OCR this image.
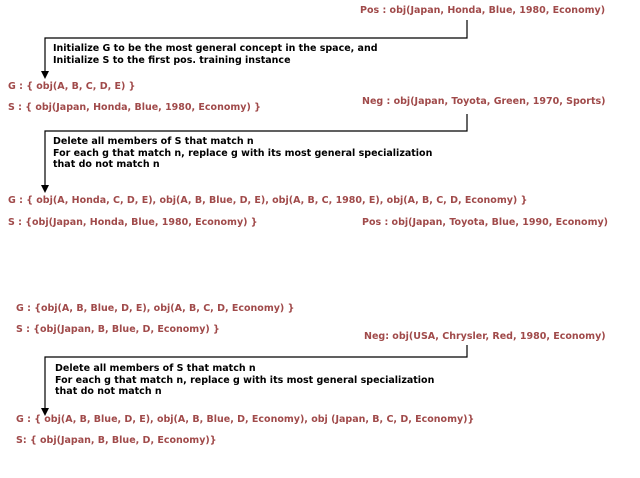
Pos : obj(Japan, Honda, Blue, 1980, Economy)
Initialize G to be the most general concept in the space, and
Initialize S to the first pos. training instance
G : { obj(A, B, C, D, E) }
S : { obj(Japan, Honda, Blue, 1980, Economy) }
Neg : obj(Japan, Toyota, Green, 1970, Sports)
Delete all members of S that match n
For each g that match n, replace g with its most general specialization
that do not match n
G : { obj(A, Honda, C, D, E), obj(A, B, Blue, D, E), obj(A, B, C, 1980, E), obj(A, B, C, D, Economy) }
S : {obj(Japan, Honda, Blue, 1980, Economy) }	Pos : obj(Japan, Toyota, Blue, 1990, Economy)
G : {obj(A, B, Blue, D, E), obj(A, B, C, D, Economy) }
S : {obj(Japan, B, Blue, D, Economy) }
Neg: obj(USA, Chrysler, Red, 1980, Economy)
Delete all members of S that match n
For each g that match n, replace g with its most general specialization
that do not match n
G : { obj(A, B, Blue, D, E), obj(A, B, Blue, D, Economy), obj (Japan, B, C, D, Economy)}
S: { obj(Japan, B, Blue, D, Economy)}
